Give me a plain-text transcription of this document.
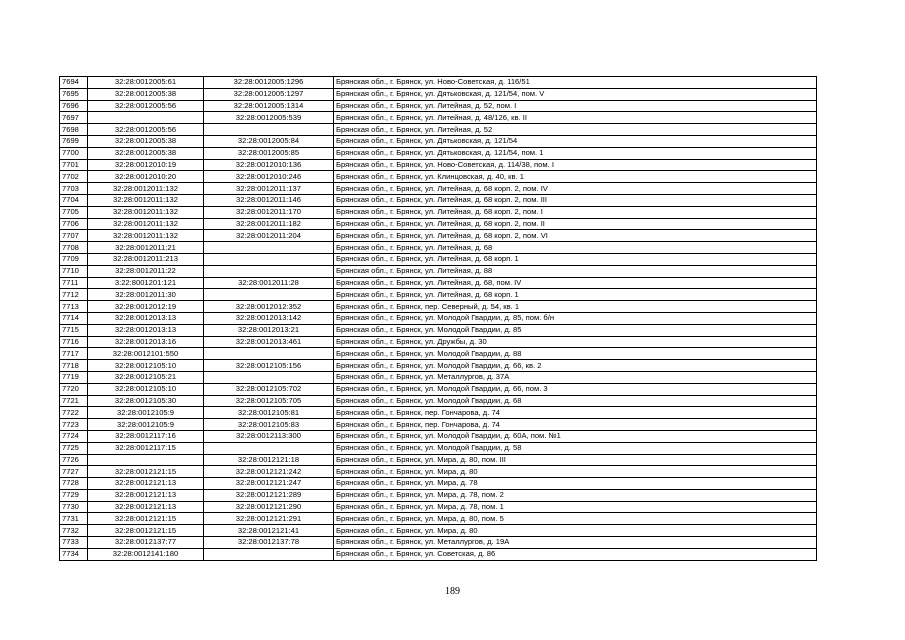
7694	32:28:0012005:61	32:28:0012005:1296	Брянская обл., г. Брянск, ул. Ново-Советская, д. 116/51
7695	32:28:0012005:38	32:28:0012005:1297	Брянская обл., г. Брянск, ул. Дятьковская, д. 121/54, пом. V
7696	32:28:0012005:56	32:28:0012005:1314	Брянская обл., г. Брянск, ул. Литейная, д. 52, пом. I
7697		32:28:0012005:539	Брянская обл., г. Брянск, ул. Литейная, д. 48/126, кв. II
7698	32:28:0012005:56		Брянская обл., г. Брянск, ул. Литейная, д. 52
7699	32:28:0012005:38	32:28:0012005:84	Брянская обл., г. Брянск, ул. Дятьковская, д. 121/54
7700	32:28:0012005:38	32:28:0012005:85	Брянская обл., г. Брянск, ул. Дятьковская, д. 121/54, пом. 1
7701	32:28:0012010:19	32:28:0012010:136	Брянская обл., г. Брянск, ул. Ново-Советская, д. 114/38, пом. I
7702	32:28:0012010:20	32:28:0012010:246	Брянская обл., г. Брянск, ул. Клинцовская, д. 40, кв. 1
7703	32:28:0012011:132	32:28:0012011:137	Брянская обл., г. Брянск, ул. Литейная, д. 68 корп. 2, пом. IV
7704	32:28:0012011:132	32:28:0012011:146	Брянская обл., г. Брянск, ул. Литейная, д. 68 корп. 2, пом. III
7705	32:28:0012011:132	32:28:0012011:170	Брянская обл., г. Брянск, ул. Литейная, д. 68 корп. 2, пом. I
7706	32:28:0012011:132	32:28:0012011:182	Брянская обл., г. Брянск, ул. Литейная, д. 68 корп. 2, пом. II
7707	32:28:0012011:132	32:28:0012011:204	Брянская обл., г. Брянск, ул. Литейная, д. 68 корп. 2, пом. VI
7708	32:28:0012011:21		Брянская обл., г. Брянск, ул. Литейная, д. 68
7709	32:28:0012011:213		Брянская обл., г. Брянск, ул. Литейная, д. 68 корп. 1
7710	32:28:0012011:22		Брянская обл., г. Брянск, ул. Литейная, д. 88
7711	3:22:8001201:121	32:28:0012011:28	Брянская обл., г. Брянск, ул. Литейная, д. 68, пом. IV
7712	32:28:0012011:30		Брянская обл., г. Брянск, ул. Литейная, д. 68 корп. 1
7713	32:28:0012012:19	32:28:0012012:352	Брянская обл., г. Брянск, пер. Северный, д. 54, кв. 1
7714	32:28:0012013:13	32:28:0012013:142	Брянская обл., г. Брянск, ул. Молодой Гвардии, д. 85, пом. б/н
7715	32:28:0012013:13	32:28:0012013:21	Брянская обл., г. Брянск, ул. Молодой Гвардии, д. 85
7716	32:28:0012013:16	32:28:0012013:461	Брянская обл., г. Брянск, ул. Дружбы, д. 30
7717	32:28:0012101:550		Брянская обл., г. Брянск, ул. Молодой Гвардии, д. 88
7718	32:28:0012105:10	32:28:0012105:156	Брянская обл., г. Брянск, ул. Молодой Гвардии, д. 66, кв. 2
7719	32:28:0012105:21		Брянская обл., г. Брянск, ул. Металлургов, д. 37А
7720	32:28:0012105:10	32:28:0012105:702	Брянская обл., г. Брянск, ул. Молодой Гвардии, д. 66, пом. 3
7721	32:28:0012105:30	32:28:0012105:705	Брянская обл., г. Брянск, ул. Молодой Гвардии, д. 68
7722	32:28:0012105:9	32:28:0012105:81	Брянская обл., г. Брянск, пер. Гончарова, д. 74
7723	32:28:0012105:9	32:28:0012105:83	Брянская обл., г. Брянск, пер. Гончарова, д. 74
7724	32:28:0012117:16	32:28:0012113:300	Брянская обл., г. Брянск, ул. Молодой Гвардии, д. 60А, пом. №1
7725	32:28:0012117:15		Брянская обл., г. Брянск, ул. Молодой Гвардии, д. 58
7726		32:28:0012121:18	Брянская обл., г. Брянск, ул. Мира, д. 80, пом. III
7727	32:28:0012121:15	32:28:0012121:242	Брянская обл., г. Брянск, ул. Мира, д. 80
7728	32:28:0012121:13	32:28:0012121:247	Брянская обл., г. Брянск, ул. Мира, д. 78
7729	32:28:0012121:13	32:28:0012121:289	Брянская обл., г. Брянск, ул. Мира, д. 78, пом. 2
7730	32:28:0012121:13	32:28:0012121:290	Брянская обл., г. Брянск, ул. Мира, д. 78, пом. 1
7731	32:28:0012121:15	32:28:0012121:291	Брянская обл., г. Брянск, ул. Мира, д. 80, пом. 5
7732	32:28:0012121:15	32:28:0012121:41	Брянская обл., г. Брянск, ул. Мира, д. 80
7733	32:28:0012137:77	32:28:0012137:78	Брянская обл., г. Брянск, ул. Металлургов, д. 19А
7734	32:28:0012141:180		Брянская обл., г. Брянск, ул. Советская, д. 86
189
